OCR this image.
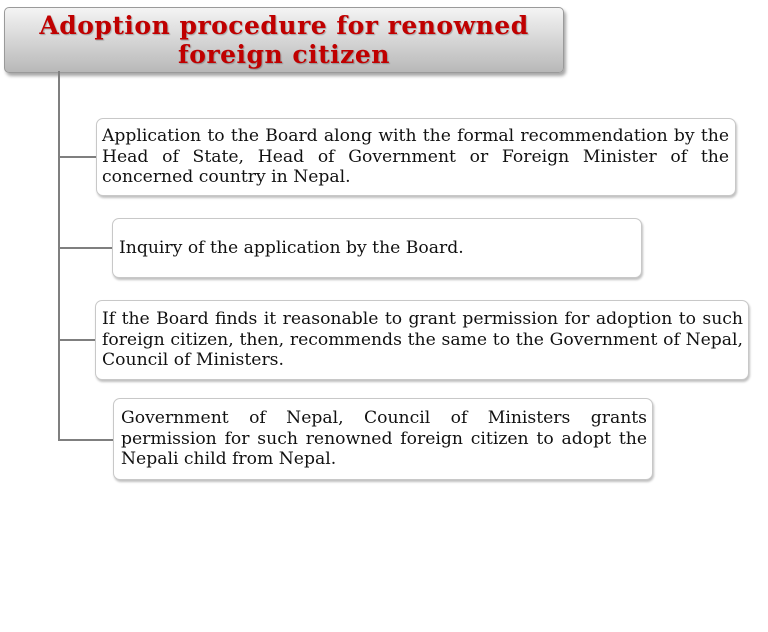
Adoption procedure for renowned foreign citizen
Application to the Board along with the formal recommendation by the Head of State, Head of Government or Foreign Minister of the concerned country in Nepal.
Inquiry of the application by the Board.
If the Board finds it reasonable to grant permission for adoption to such foreign citizen, then, recommends the same to the Government of Nepal, Council of Ministers.
Government of Nepal, Council of Ministers grants permission for such renowned foreign citizen to adopt the Nepali child from Nepal.
